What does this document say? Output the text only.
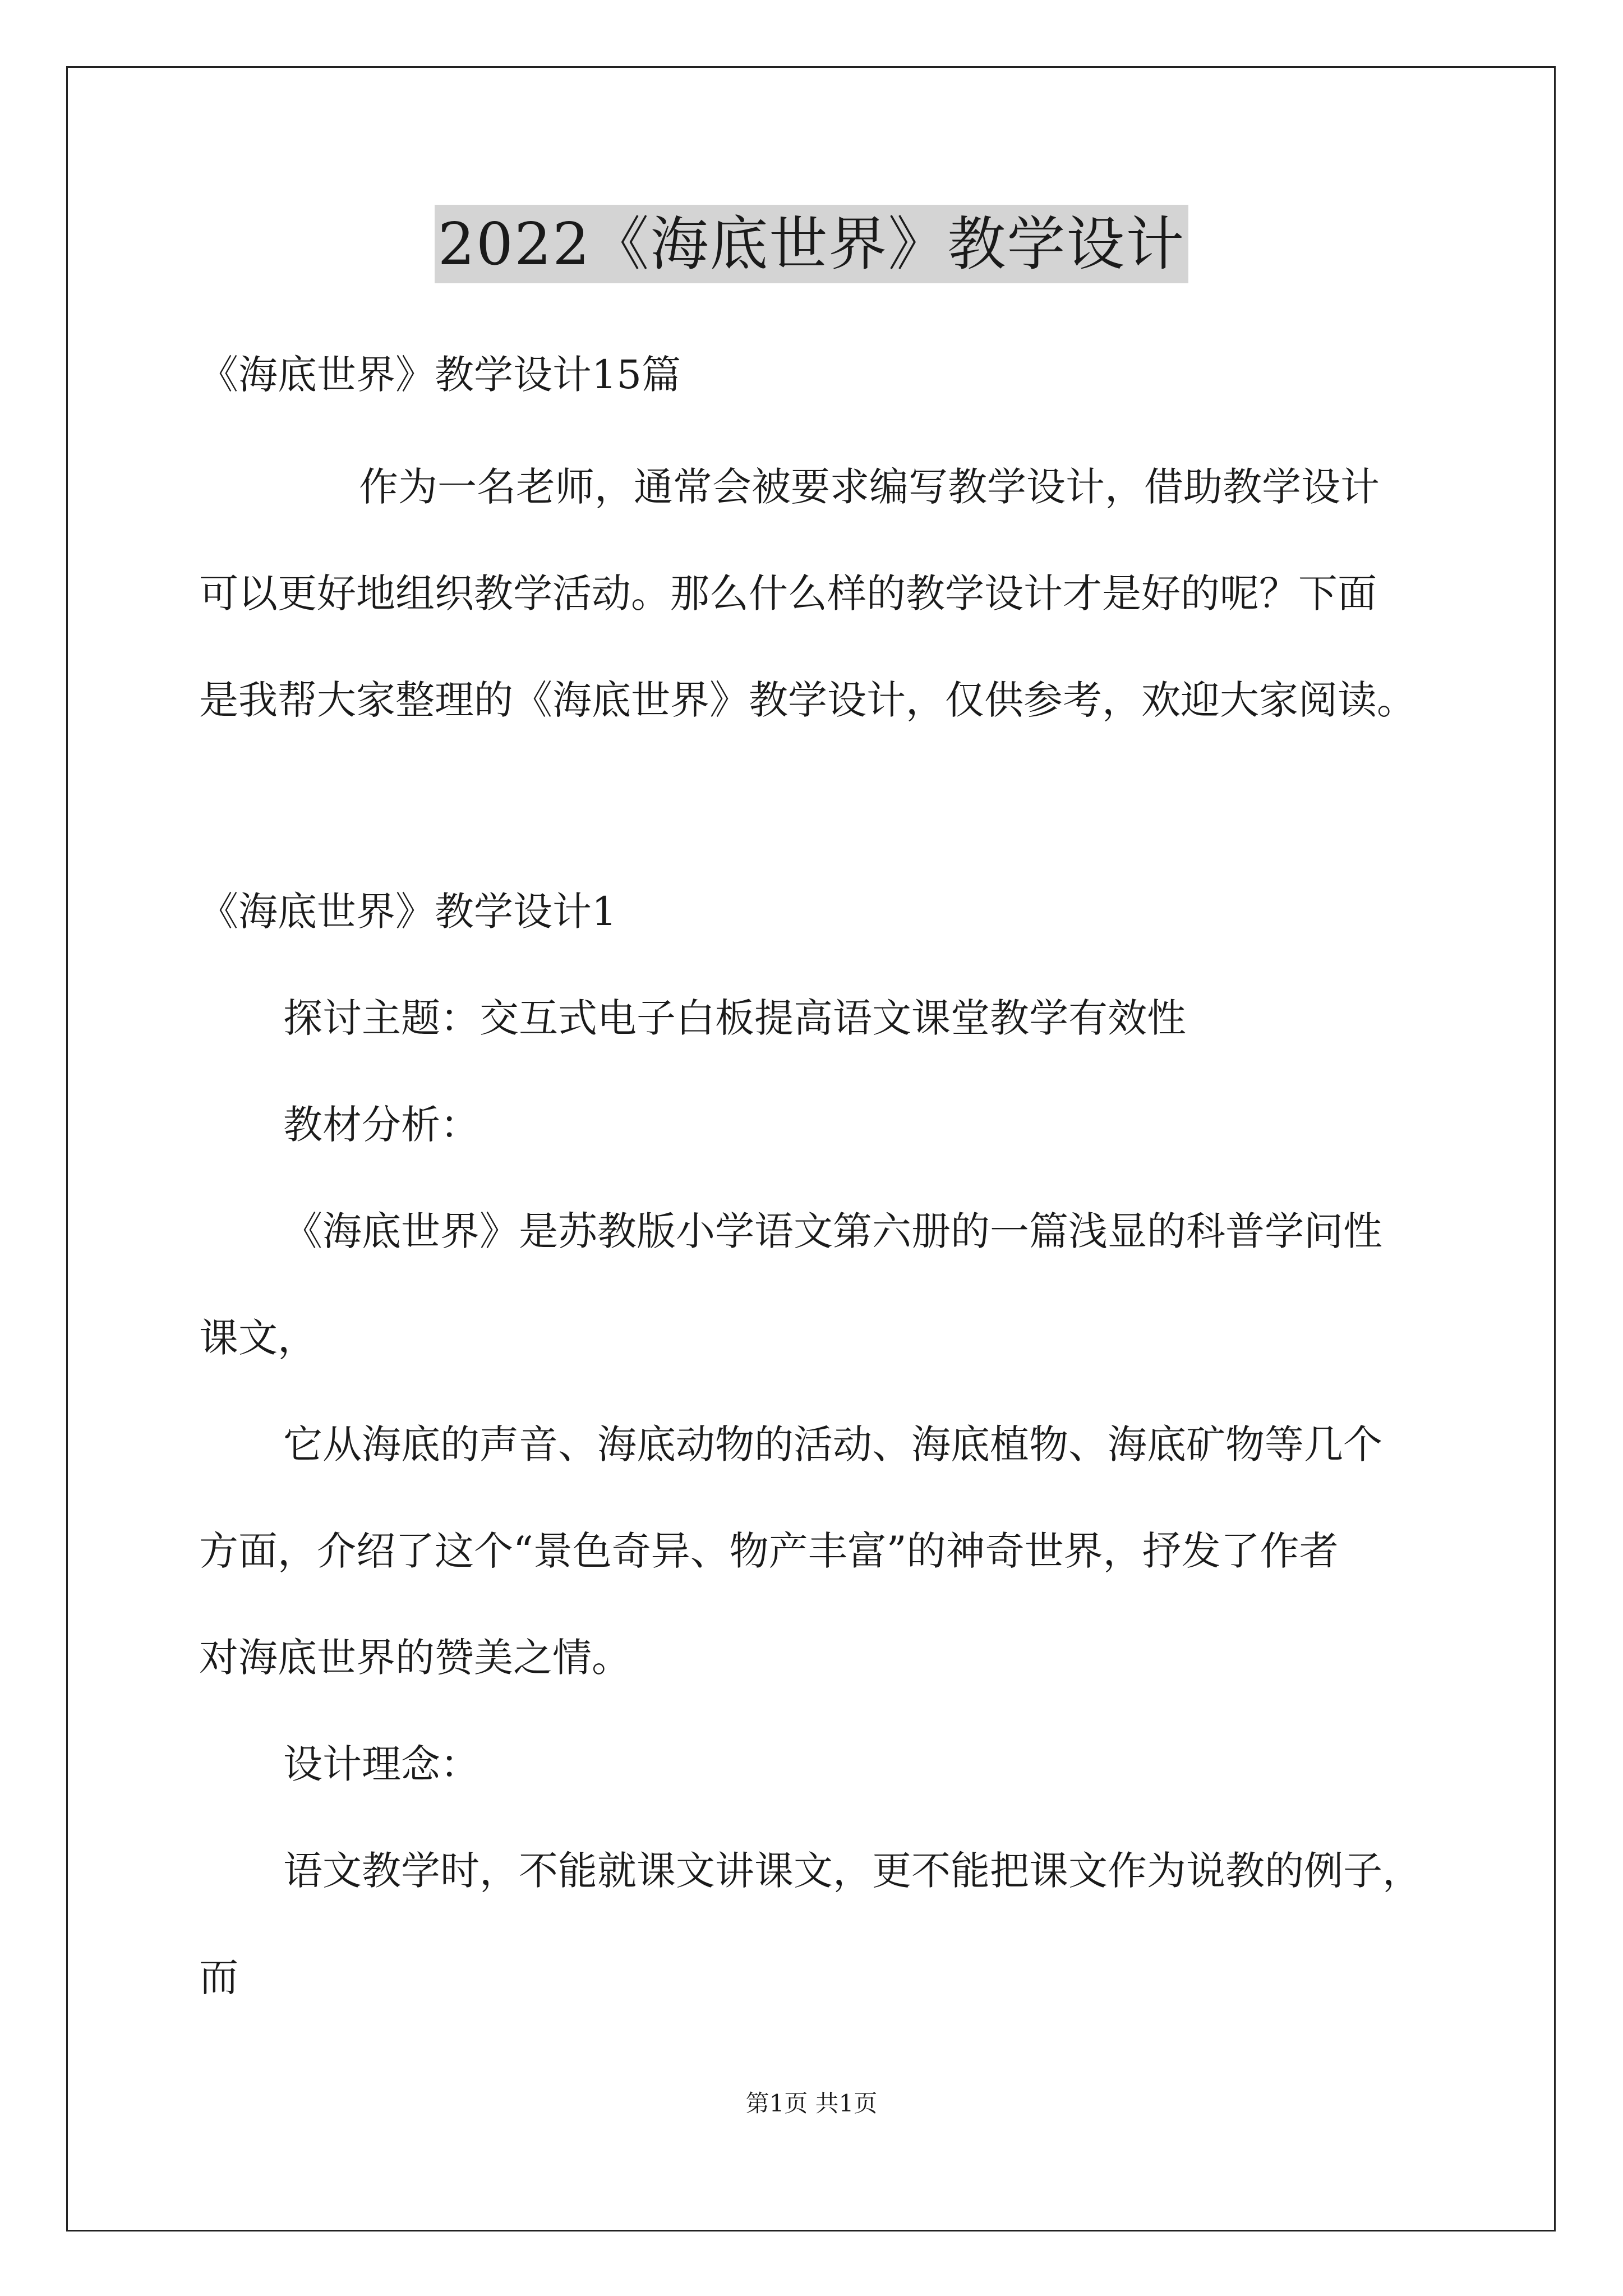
2022《海底世界》教学设计
《海底世界》教学设计15篇
作为一名老师，通常会被要求编写教学设计，借助教学设计
可以更好地组织教学活动。那么什么样的教学设计才是好的呢？下面
是我帮大家整理的《海底世界》教学设计，仅供参考，欢迎大家阅读。
《海底世界》教学设计1
探讨主题：交互式电子白板提高语文课堂教学有效性
教材分析：
《海底世界》是苏教版小学语文第六册的一篇浅显的科普学问性
课文，
它从海底的声音、海底动物的活动、海底植物、海底矿物等几个
方面，介绍了这个“景色奇异、物产丰富”的神奇世界，抒发了作者
对海底世界的赞美之情。
设计理念：
语文教学时，不能就课文讲课文，更不能把课文作为说教的例子，
而
第1页 共1页
